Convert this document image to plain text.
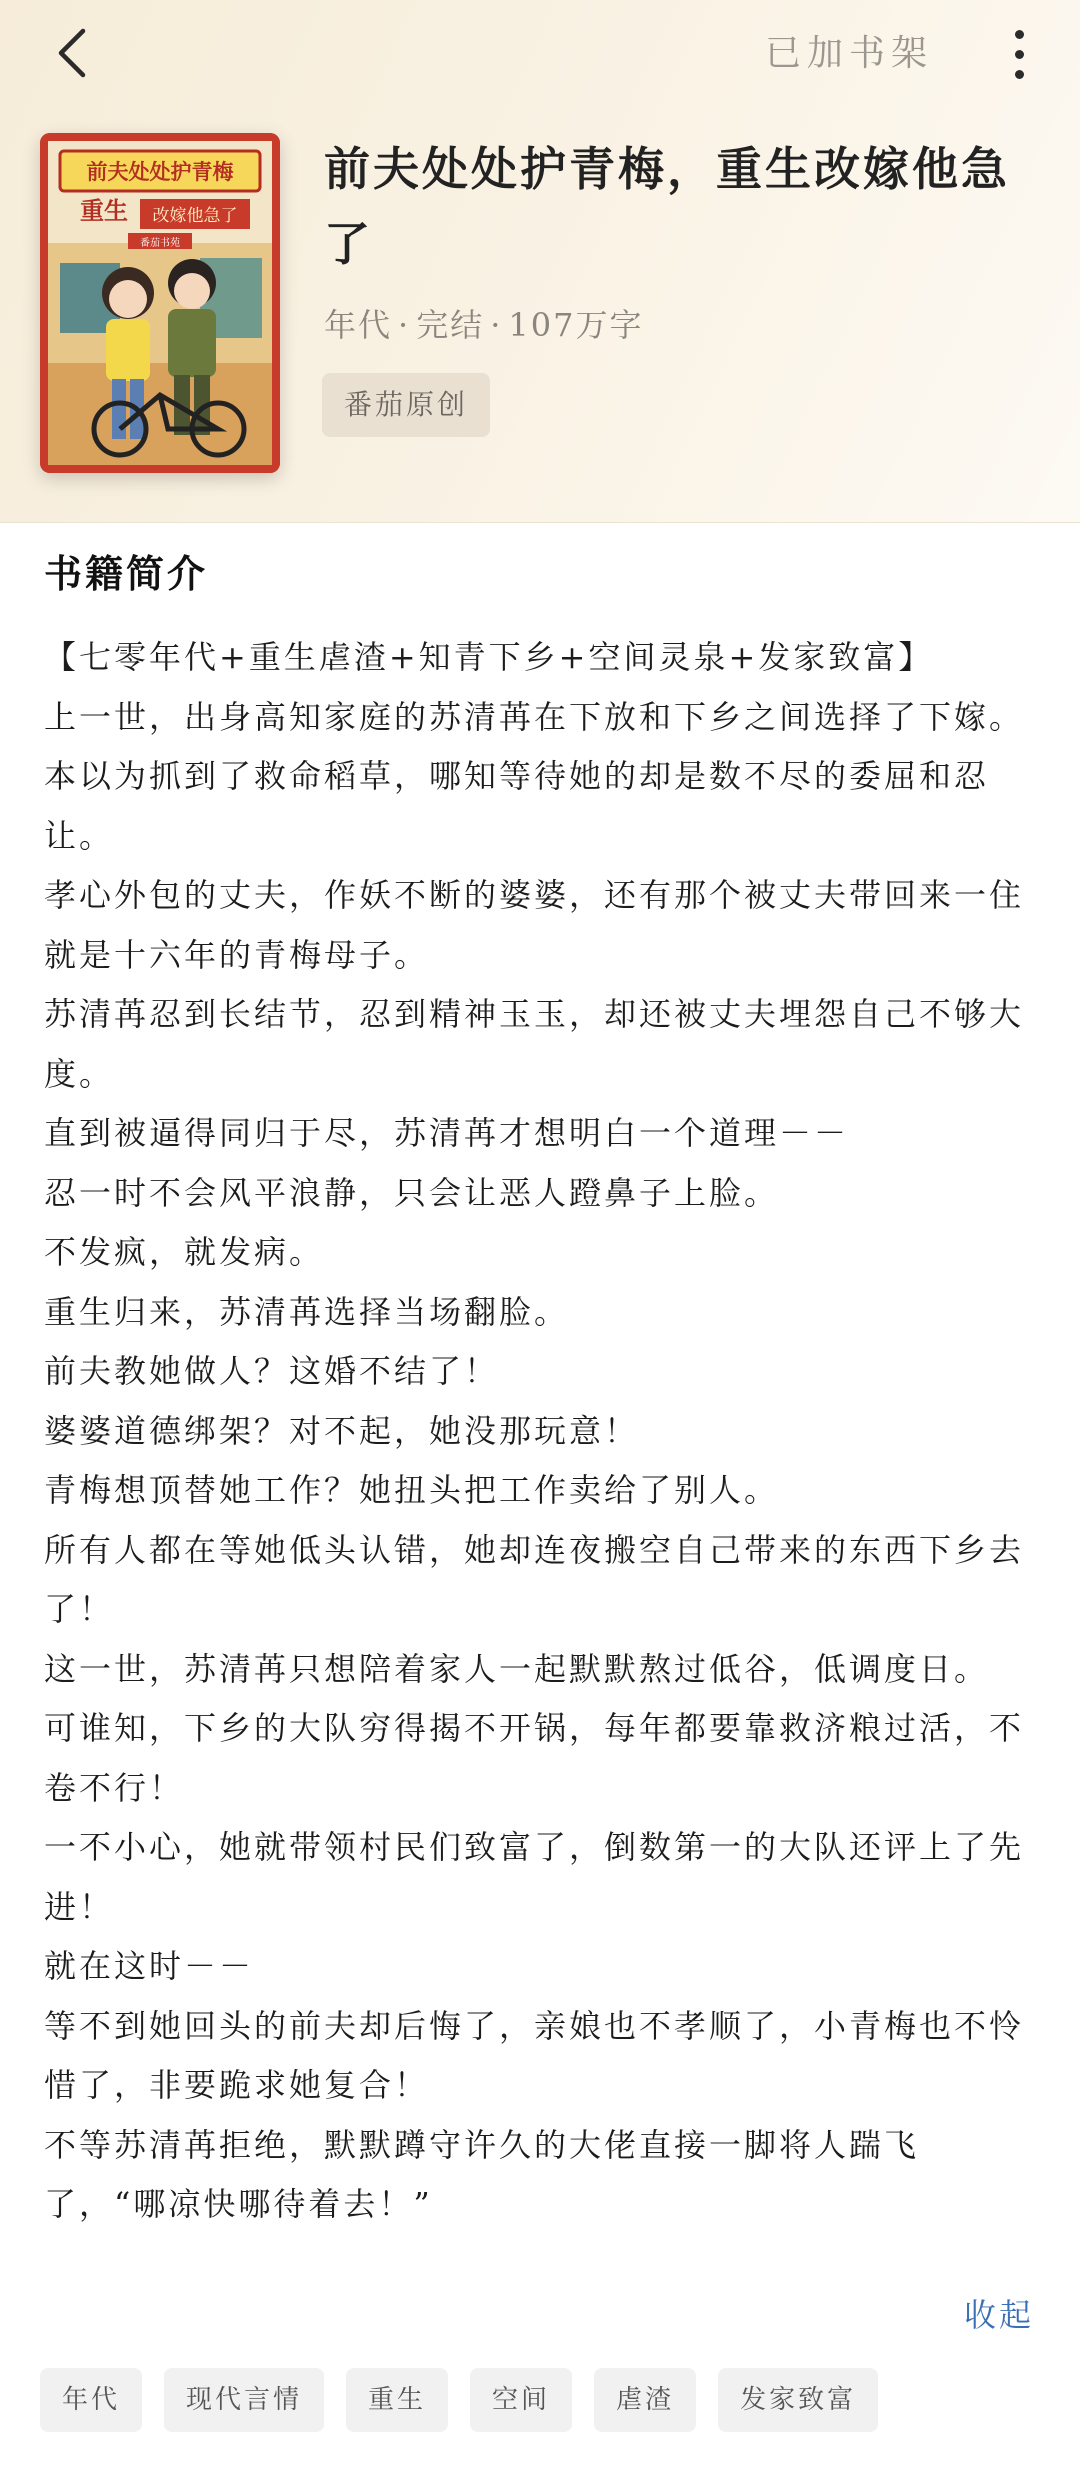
已加书架
前夫处处护青梅
重生 改嫁他急了
番茄书苑
前夫处处护青梅，重生改嫁他急了
年代 · 完结 · 107万字
番茄原创
书籍简介

【七零年代+重生虐渣+知青下乡+空间灵泉+发家致富】

上一世，出身高知家庭的苏清苒在下放和下乡之间选择了下嫁。

本以为抓到了救命稻草，哪知等待她的却是数不尽的委屈和忍让。

孝心外包的丈夫，作妖不断的婆婆，还有那个被丈夫带回来一住就是十六年的青梅母子。

苏清苒忍到长结节，忍到精神玉玉，却还被丈夫埋怨自己不够大度。

直到被逼得同归于尽，苏清苒才想明白一个道理－－

忍一时不会风平浪静，只会让恶人蹬鼻子上脸。

不发疯，就发病。

重生归来，苏清苒选择当场翻脸。

前夫教她做人？这婚不结了！

婆婆道德绑架？对不起，她没那玩意！

青梅想顶替她工作？她扭头把工作卖给了别人。

所有人都在等她低头认错，她却连夜搬空自己带来的东西下乡去了！

这一世，苏清苒只想陪着家人一起默默熬过低谷，低调度日。

可谁知，下乡的大队穷得揭不开锅，每年都要靠救济粮过活，不卷不行！

一不小心，她就带领村民们致富了，倒数第一的大队还评上了先进！

就在这时－－

等不到她回头的前夫却后悔了，亲娘也不孝顺了，小青梅也不怜惜了，非要跪求她复合！

不等苏清苒拒绝，默默蹲守许久的大佬直接一脚将人踹飞了，“哪凉快哪待着去！”

收起
年代	现代言情	重生	空间	虐渣	发家致富
